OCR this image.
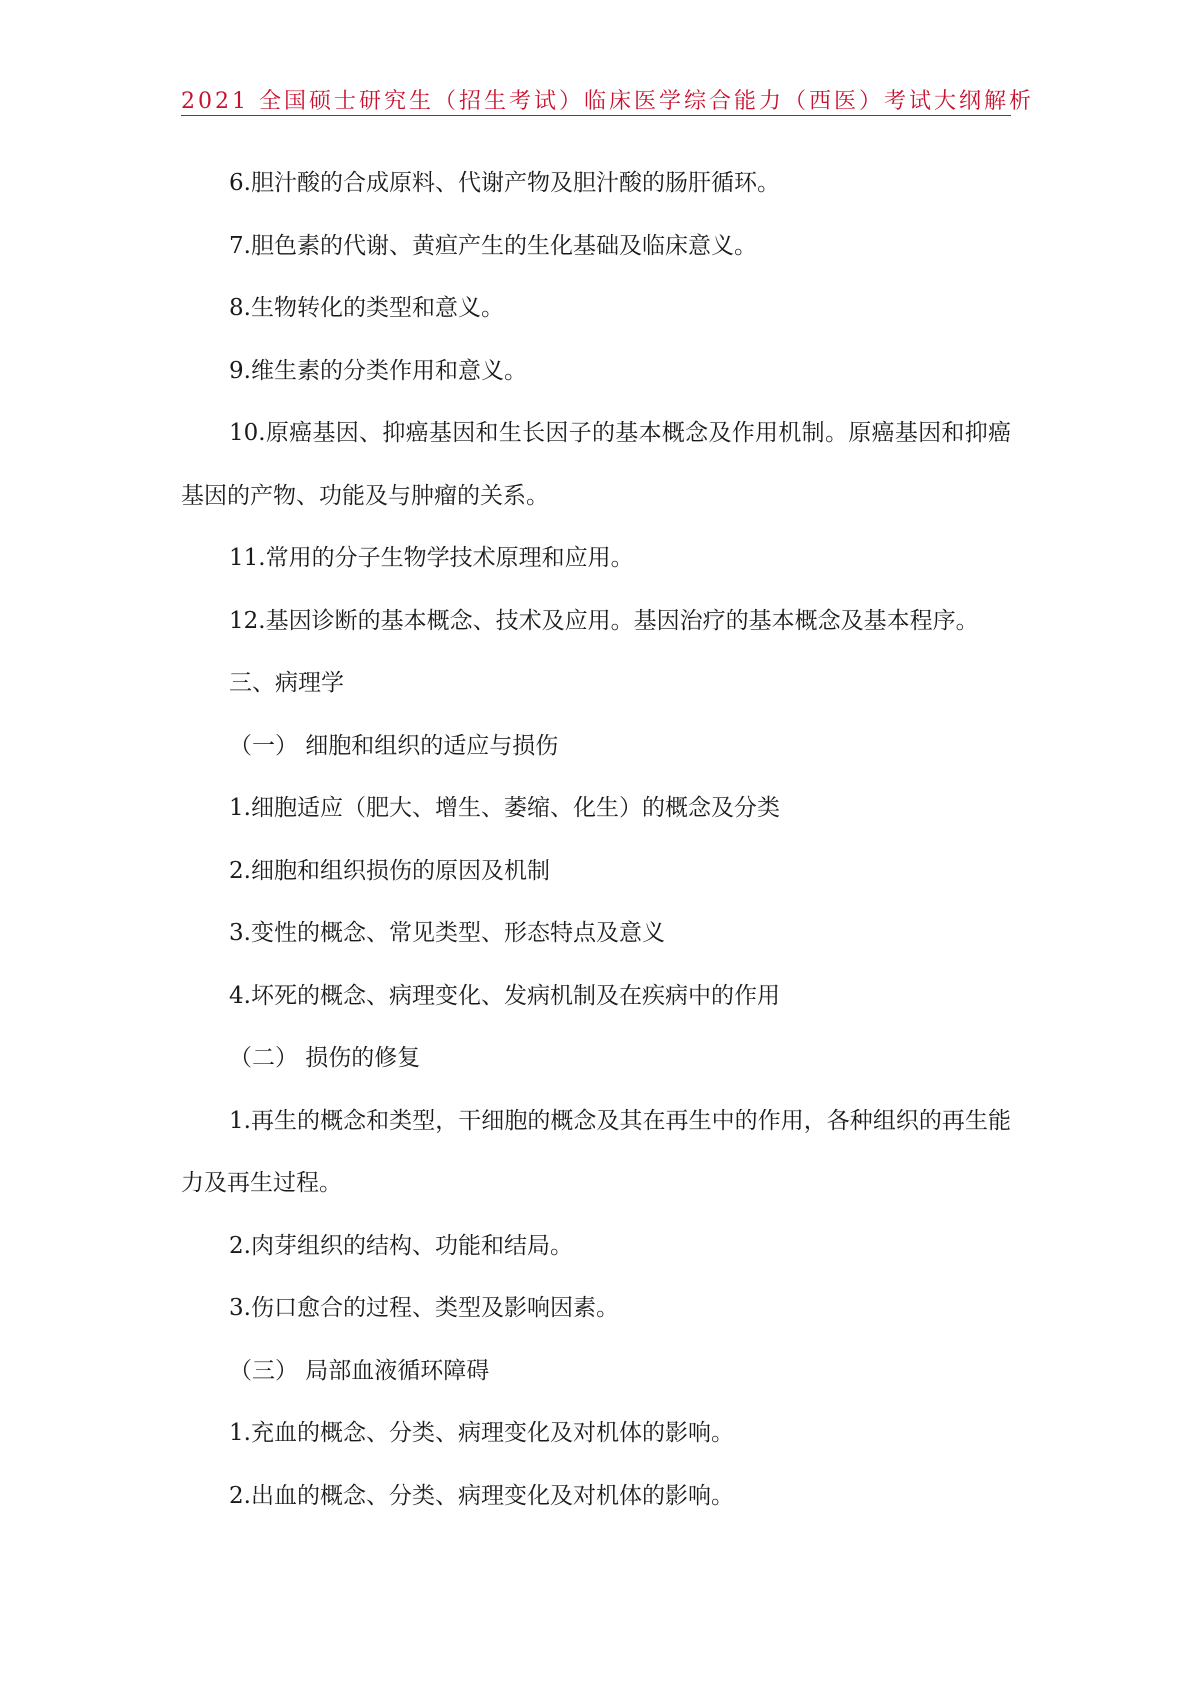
2021 全国硕士研究生（招生考试）临床医学综合能力（西医）考试大纲解析

6.胆汁酸的合成原料、代谢产物及胆汁酸的肠肝循环。

7.胆色素的代谢、黄疸产生的生化基础及临床意义。

8.生物转化的类型和意义。

9.维生素的分类作用和意义。

10.原癌基因、抑癌基因和生长因子的基本概念及作用机制。原癌基因和抑癌基因的产物、功能及与肿瘤的关系。

11.常用的分子生物学技术原理和应用。

12.基因诊断的基本概念、技术及应用。基因治疗的基本概念及基本程序。

三、病理学

（一） 细胞和组织的适应与损伤

1.细胞适应（肥大、增生、萎缩、化生）的概念及分类

2.细胞和组织损伤的原因及机制

3.变性的概念、常见类型、形态特点及意义

4.坏死的概念、病理变化、发病机制及在疾病中的作用

（二） 损伤的修复

1.再生的概念和类型，干细胞的概念及其在再生中的作用，各种组织的再生能力及再生过程。

2.肉芽组织的结构、功能和结局。

3.伤口愈合的过程、类型及影响因素。

（三） 局部血液循环障碍

1.充血的概念、分类、病理变化及对机体的影响。

2.出血的概念、分类、病理变化及对机体的影响。
